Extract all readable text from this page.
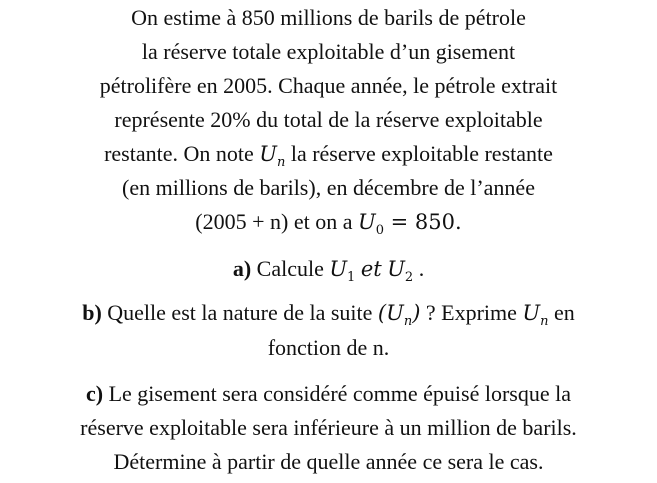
On estime à 850 millions de barils de pétrole
la réserve totale exploitable d’un gisement
pétrolifère en 2005. Chaque année, le pétrole extrait
représente 20% du total de la réserve exploitable
restante. On note $U_n$ la réserve exploitable restante
(en millions de barils), en décembre de l’année
(2005 + n) et on a $U_0 = 850$.
a) Calcule $U_1$ et $U_2$ .
b) Quelle est la nature de la suite $(U_n)$ ? Exprime $U_n$ en
fonction de n.
c) Le gisement sera considéré comme épuisé lorsque la
réserve exploitable sera inférieure à un million de barils.
Détermine à partir de quelle année ce sera le cas.
